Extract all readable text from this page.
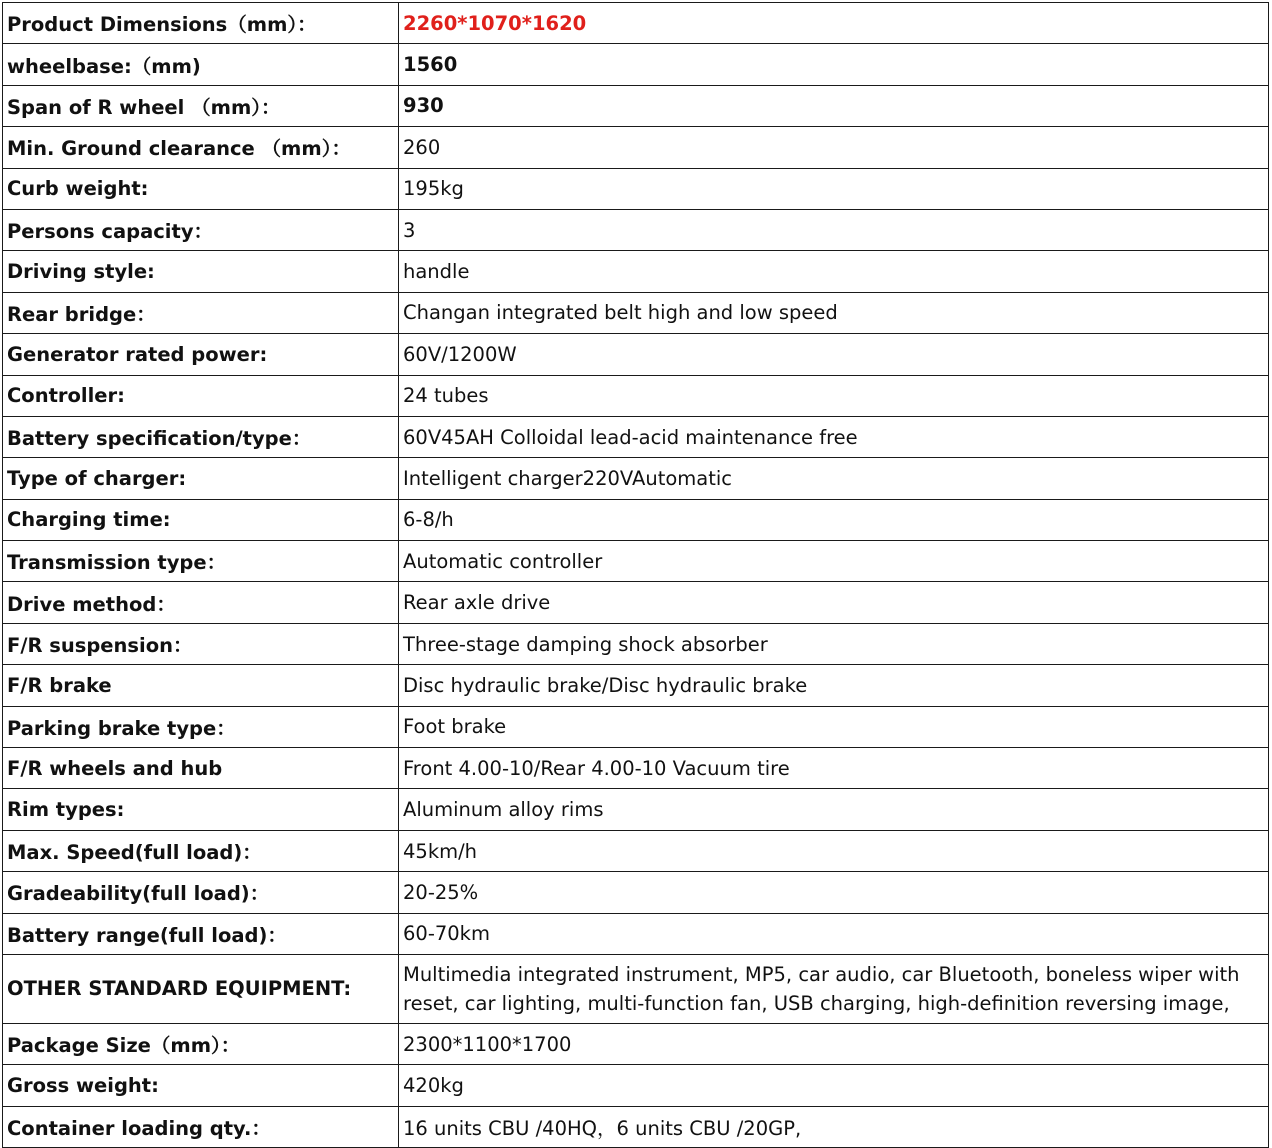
Product Dimensions（mm）：	2260*1070*1620
wheelbase:（mm)	1560
Span of R wheel （mm）：	930
Min. Ground clearance （mm）：	260
Curb weight:	195kg
Persons capacity：	3
Driving style:	handle
Rear bridge：	Changan integrated belt high and low speed
Generator rated power:	60V/1200W
Controller:	24 tubes
Battery specification/type：	60V45AH Colloidal lead-acid maintenance free
Type of charger:	Intelligent charger220VAutomatic
Charging time:	6-8/h
Transmission type：	Automatic controller
Drive method：	Rear axle drive
F/R suspension：	Three-stage damping shock absorber
F/R brake	Disc hydraulic brake/Disc hydraulic brake
Parking brake type：	Foot brake
F/R wheels and hub	Front 4.00-10/Rear 4.00-10 Vacuum tire
Rim types:	Aluminum alloy rims
Max. Speed(full load)：	45km/h
Gradeability(full load)：	20-25%
Battery range(full load)：	60-70km
OTHER STANDARD EQUIPMENT:	Multimedia integrated instrument, MP5, car audio, car Bluetooth, boneless wiper with reset, car lighting, multi-function fan, USB charging, high-definition reversing image,
Package Size（mm）：	2300*1100*1700
Gross weight:	420kg
Container loading qty.：	16 units CBU /40HQ，6 units CBU /20GP,
